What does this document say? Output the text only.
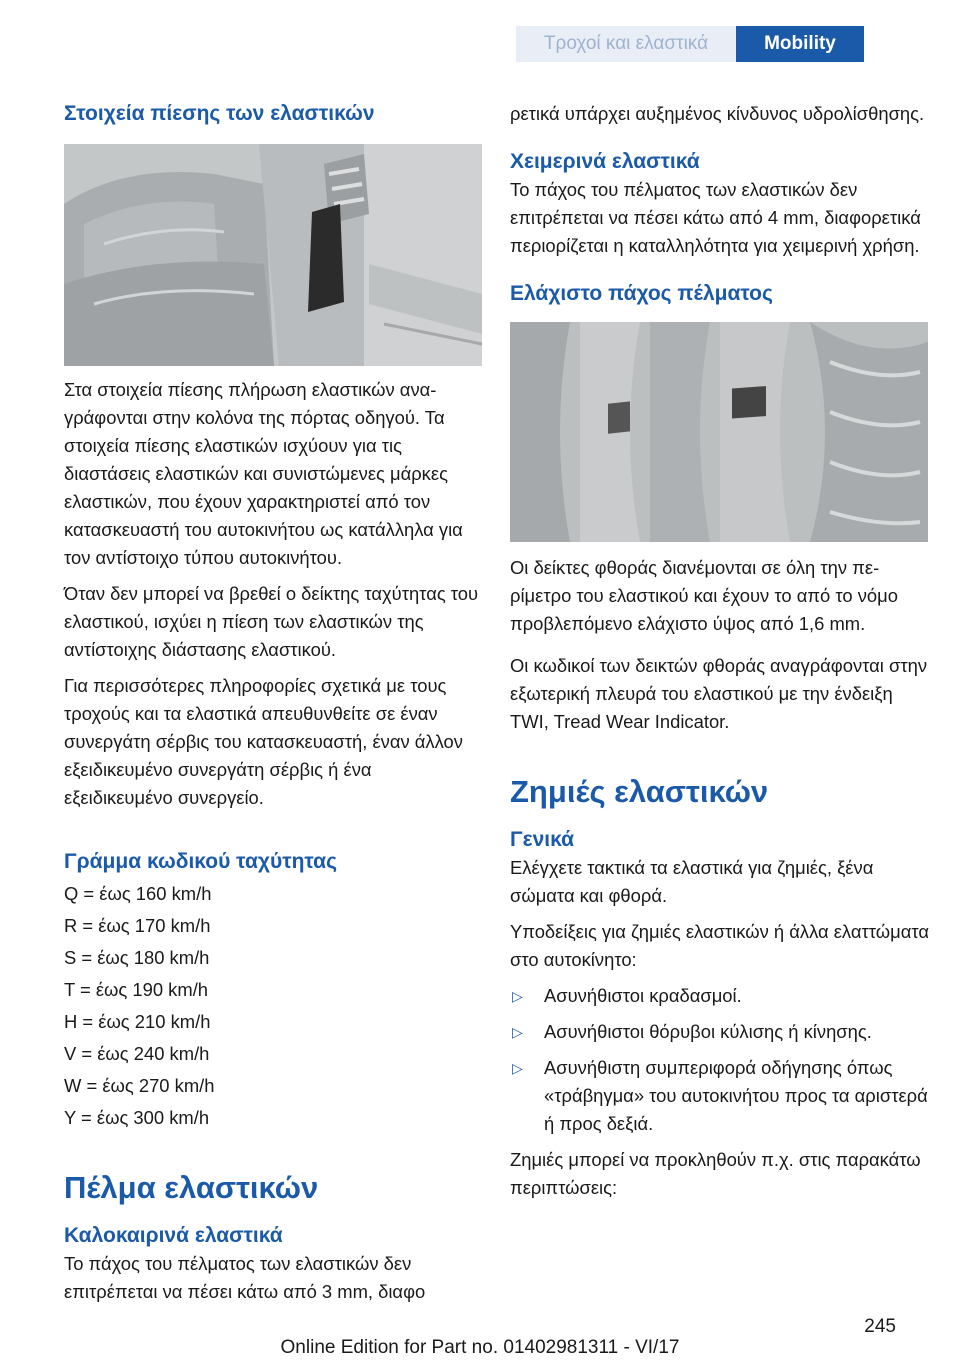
Τροχοί και ελαστικά	Mobility
Στοιχεία πίεσης των ελαστικών
Στα στοιχεία πίεσης πλήρωση ελαστικών αναγράφονται στην κολόνα της πόρτας οδηγού. Τα στοιχεία πίεσης ελαστικών ισχύουν για τις διαστάσεις ελαστικών και συνιστώμενες μάρκες ελαστικών, που έχουν χαρακτηριστεί από τον κατασκευαστή του αυτοκινήτου ως κατάλληλα για τον αντίστοιχο τύπου αυτοκινήτου.
Όταν δεν μπορεί να βρεθεί ο δείκτης ταχύτητας του ελαστικού, ισχύει η πίεση των ελαστικών της αντίστοιχης διάστασης ελαστικού.
Για περισσότερες πληροφορίες σχετικά με τους τροχούς και τα ελαστικά απευθυνθείτε σε έναν συνεργάτη σέρβις του κατασκευαστή, έναν άλλον εξειδικευμένο συνεργάτη σέρβις ή ένα εξειδικευμένο συνεργείο.
Γράμμα κωδικού ταχύτητας
Q = έως 160 km/h
R = έως 170 km/h
S = έως 180 km/h
T = έως 190 km/h
H = έως 210 km/h
V = έως 240 km/h
W = έως 270 km/h
Y = έως 300 km/h
Πέλμα ελαστικών
Καλοκαιρινά ελαστικά
Το πάχος του πέλματος των ελαστικών δεν επιτρέπεται να πέσει κάτω από 3 mm, διαφο
ρετικά υπάρχει αυξημένος κίνδυνος υδρολίσθησης.
Χειμερινά ελαστικά
Το πάχος του πέλματος των ελαστικών δεν επιτρέπεται να πέσει κάτω από 4 mm, διαφορετικά περιορίζεται η καταλληλότητα για χειμερινή χρήση.
Ελάχιστο πάχος πέλματος
Οι δείκτες φθοράς διανέμονται σε όλη την περίμετρο του ελαστικού και έχουν το από το νόμο προβλεπόμενο ελάχιστο ύψος από 1,6 mm.
Οι κωδικοί των δεικτών φθοράς αναγράφονται στην εξωτερική πλευρά του ελαστικού με την ένδειξη TWI, Tread Wear Indicator.
Ζημιές ελαστικών
Γενικά
Ελέγχετε τακτικά τα ελαστικά για ζημιές, ξένα σώματα και φθορά.
Υποδείξεις για ζημιές ελαστικών ή άλλα ελαττώματα στο αυτοκίνητο:
▷	Ασυνήθιστοι κραδασμοί.
▷	Ασυνήθιστοι θόρυβοι κύλισης ή κίνησης.
▷	Ασυνήθιστη συμπεριφορά οδήγησης όπως «τράβηγμα» του αυτοκινήτου προς τα αριστερά ή προς δεξιά.
Ζημιές μπορεί να προκληθούν π.χ. στις παρακάτω περιπτώσεις:
245
Online Edition for Part no. 01402981311 - VI/17
